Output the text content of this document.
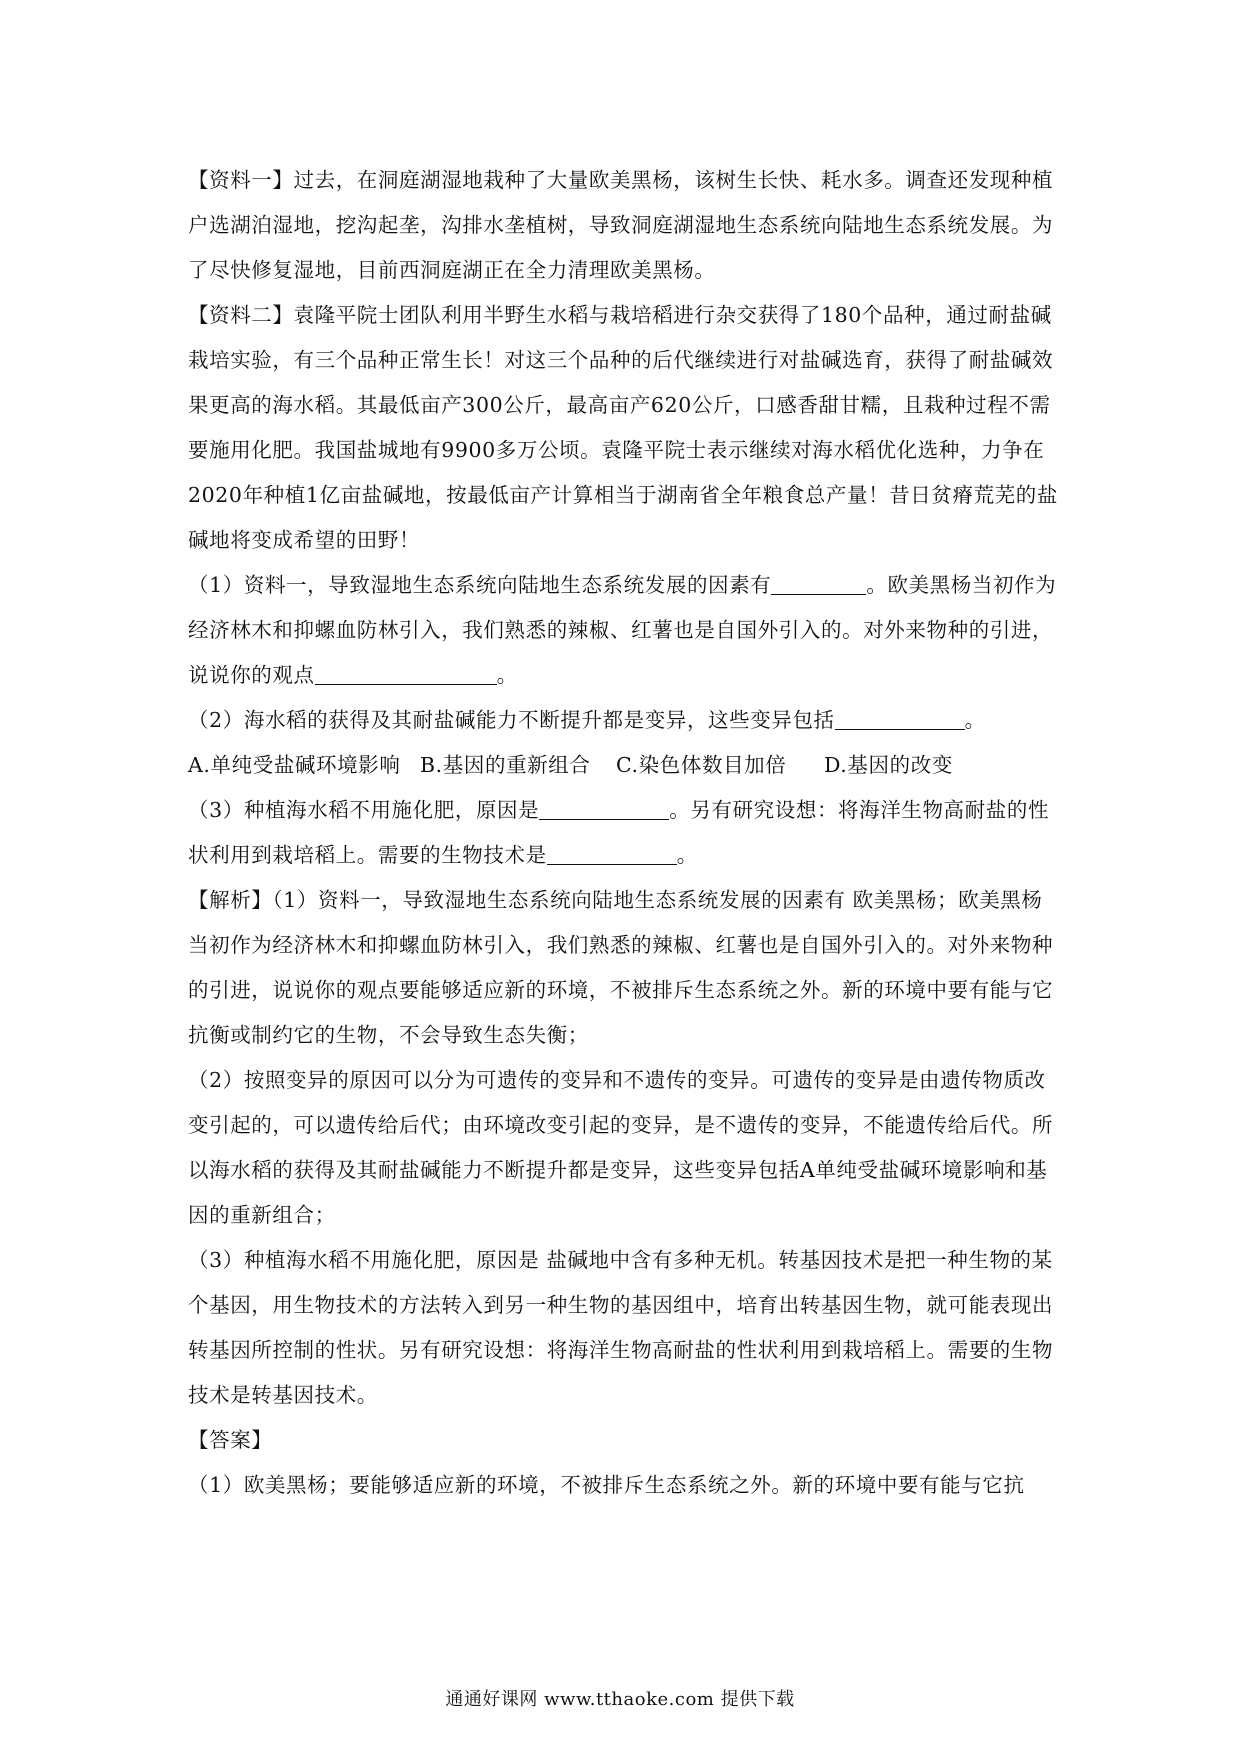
【资料一】过去，在洞庭湖湿地栽种了大量欧美黑杨，该树生长快、耗水多。调查还发现种植户选湖泊湿地，挖沟起垄，沟排水垄植树，导致洞庭湖湿地生态系统向陆地生态系统发展。为了尽快修复湿地，目前西洞庭湖正在全力清理欧美黑杨。

【资料二】袁隆平院士团队利用半野生水稻与栽培稻进行杂交获得了180个品种，通过耐盐碱栽培实验，有三个品种正常生长！对这三个品种的后代继续进行对盐碱选育，获得了耐盐碱效果更高的海水稻。其最低亩产300公斤，最高亩产620公斤，口感香甜甘糯，且栽种过程不需要施用化肥。我国盐城地有9900多万公顷。袁隆平院士表示继续对海水稻优化选种，力争在2020年种植1亿亩盐碱地，按最低亩产计算相当于湖南省全年粮食总产量！昔日贫瘠荒芜的盐碱地将变成希望的田野！

（1）资料一，导致湿地生态系统向陆地生态系统发展的因素有	。欧美黑杨当初作为经济林木和抑螺血防林引入，我们熟悉的辣椒、红薯也是自国外引入的。对外来物种的引进，说说你的观点	。

（2）海水稻的获得及其耐盐碱能力不断提升都是变异，这些变异包括	。

A.单纯受盐碱环境影响 B.基因的重新组合 C.染色体数目加倍 D.基因的改变

（3）种植海水稻不用施化肥，原因是	。另有研究设想：将海洋生物高耐盐的性状利用到栽培稻上。需要的生物技术是	。

【解析】（1）资料一，导致湿地生态系统向陆地生态系统发展的因素有 欧美黑杨；欧美黑杨当初作为经济林木和抑螺血防林引入，我们熟悉的辣椒、红薯也是自国外引入的。对外来物种的引进，说说你的观点要能够适应新的环境，不被排斥生态系统之外。新的环境中要有能与它抗衡或制约它的生物，不会导致生态失衡；

（2）按照变异的原因可以分为可遗传的变异和不遗传的变异。可遗传的变异是由遗传物质改变引起的，可以遗传给后代；由环境改变引起的变异，是不遗传的变异，不能遗传给后代。所以海水稻的获得及其耐盐碱能力不断提升都是变异，这些变异包括A单纯受盐碱环境影响和基因的重新组合；

（3）种植海水稻不用施化肥，原因是 盐碱地中含有多种无机。转基因技术是把一种生物的某个基因，用生物技术的方法转入到另一种生物的基因组中，培育出转基因生物，就可能表现出转基因所控制的性状。另有研究设想：将海洋生物高耐盐的性状利用到栽培稻上。需要的生物技术是转基因技术。

【答案】

（1）欧美黑杨；要能够适应新的环境，不被排斥生态系统之外。新的环境中要有能与它抗

通通好课网 www.tthaoke.com 提供下载
